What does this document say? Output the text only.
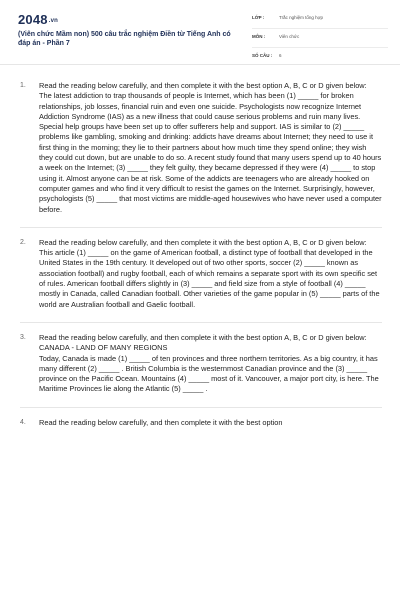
2048.vn
(Viên chức Mầm non) 500 câu trắc nghiệm Điền từ Tiếng Anh có đáp án - Phần 7
LỚP :	Trắc nghiệm tổng hợp
MÔN :	Viên chức
SỐ CÂU :	6
1.	Read the reading below carefully, and then complete it with the best option A, B, C or D given below:
The latest addiction to trap thousands of people is Internet, which has been (1) _____ for broken relationships, job losses, financial ruin and even one suicide. Psychologists now recognize Internet Addiction Syndrome (IAS) as a new illness that could cause serious problems and ruin many lives. Special help groups have been set up to offer sufferers help and support. IAS is similar to (2) _____ problems like gambling, smoking and drinking: addicts have dreams about Internet; they need to use it first thing in the morning; they lie to their partners about how much time they spend online; they wish they could cut down, but are unable to do so. A recent study found that many users spend up to 40 hours a week on the Internet; (3) _____ they felt guilty, they became depressed if they were (4) _____ to stop using it. Almost anyone can be at risk. Some of the addicts are teenagers who are already hooked on computer games and who find it very difficult to resist the games on the Internet. Surprisingly, however, psychologists (5) _____ that most victims are middle-aged housewives who have never used a computer before.
2.	Read the reading below carefully, and then complete it with the best option A, B, C or D given below:
This article (1) _____ on the game of American football, a distinct type of football that developed in the United States in the 19th century. It developed out of two other sports, soccer (2) _____ known as association football) and rugby football, each of which remains a separate sport with its own specific set of rules. American football differs slightly in (3) _____ and field size from a style of football (4) _____ mostly in Canada, called Canadian football. Other varieties of the game popular in (5) _____ parts of the world are Australian football and Gaelic football.
3.	Read the reading below carefully, and then complete it with the best option A, B, C or D given below:
CANADA - LAND OF MANY REGIONS
Today, Canada is made (1) _____ of ten provinces and three northern territories. As a big country, it has many different (2) _____ . British Columbia is the westernmost Canadian province and the (3) _____ province on the Pacific Ocean. Mountains (4) _____ most of it. Vancouver, a major port city, is here. The Maritime Provinces lie along the Atlantic (5) _____ .
4.	Read the reading below carefully, and then complete it with the best option
